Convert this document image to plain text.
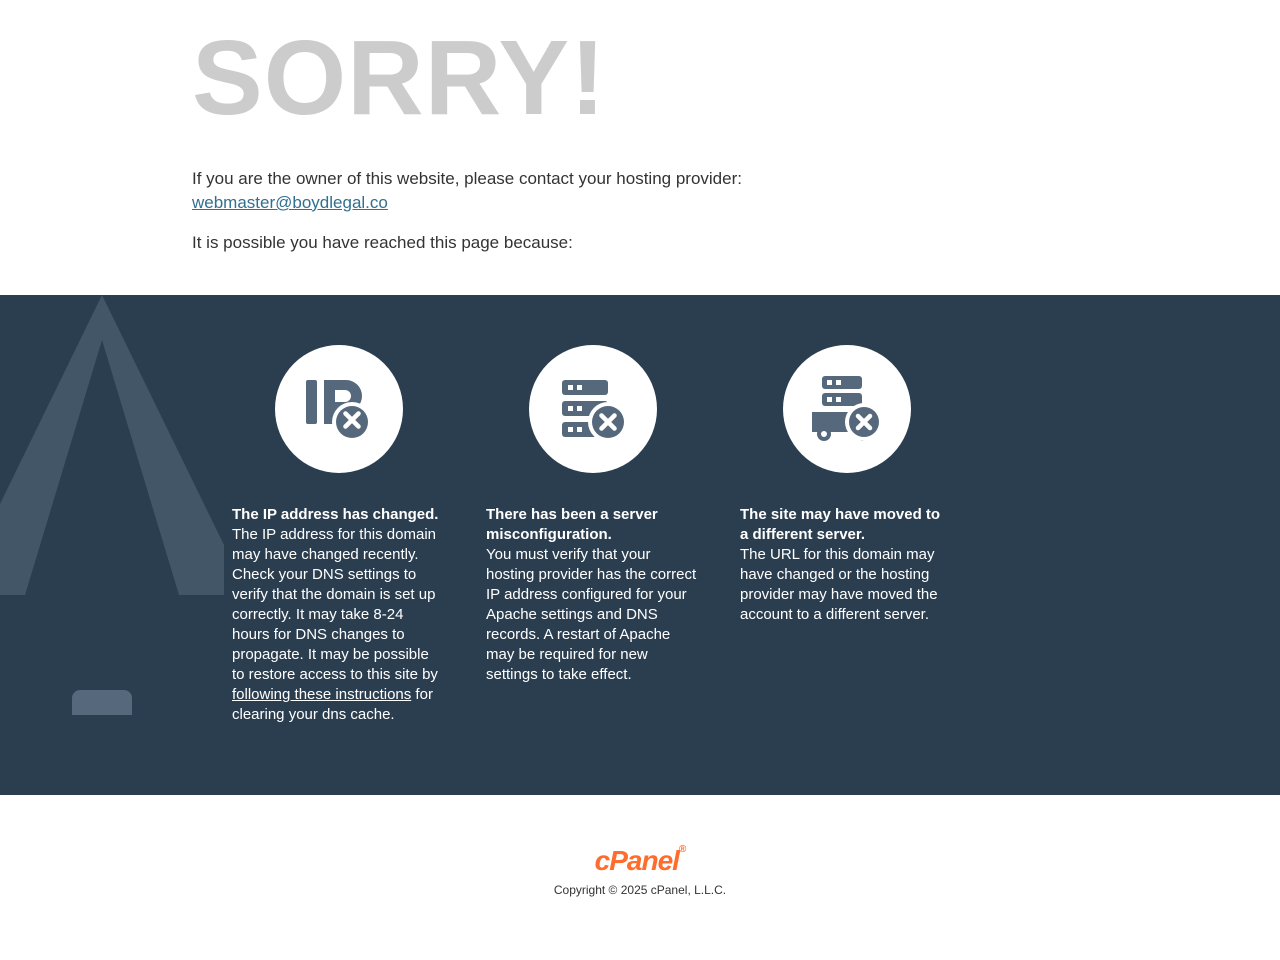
SORRY!

If you are the owner of this website, please contact your hosting provider:

webmaster@boydlegal.co

It is possible you have reached this page because:

The IP address has changed.

The IP address for this domain may have changed recently. Check your DNS settings to verify that the domain is set up correctly. It may take 8-24 hours for DNS changes to propagate. It may be possible to restore access to this site by following these instructions for clearing your dns cache.

There has been a server misconfiguration.

You must verify that your hosting provider has the correct IP address configured for your Apache settings and DNS records. A restart of Apache may be required for new settings to take effect.

The site may have moved to a different server.

The URL for this domain may have changed or the hosting provider may have moved the account to a different server.

cPanel®

Copyright © 2025 cPanel, L.L.C.
